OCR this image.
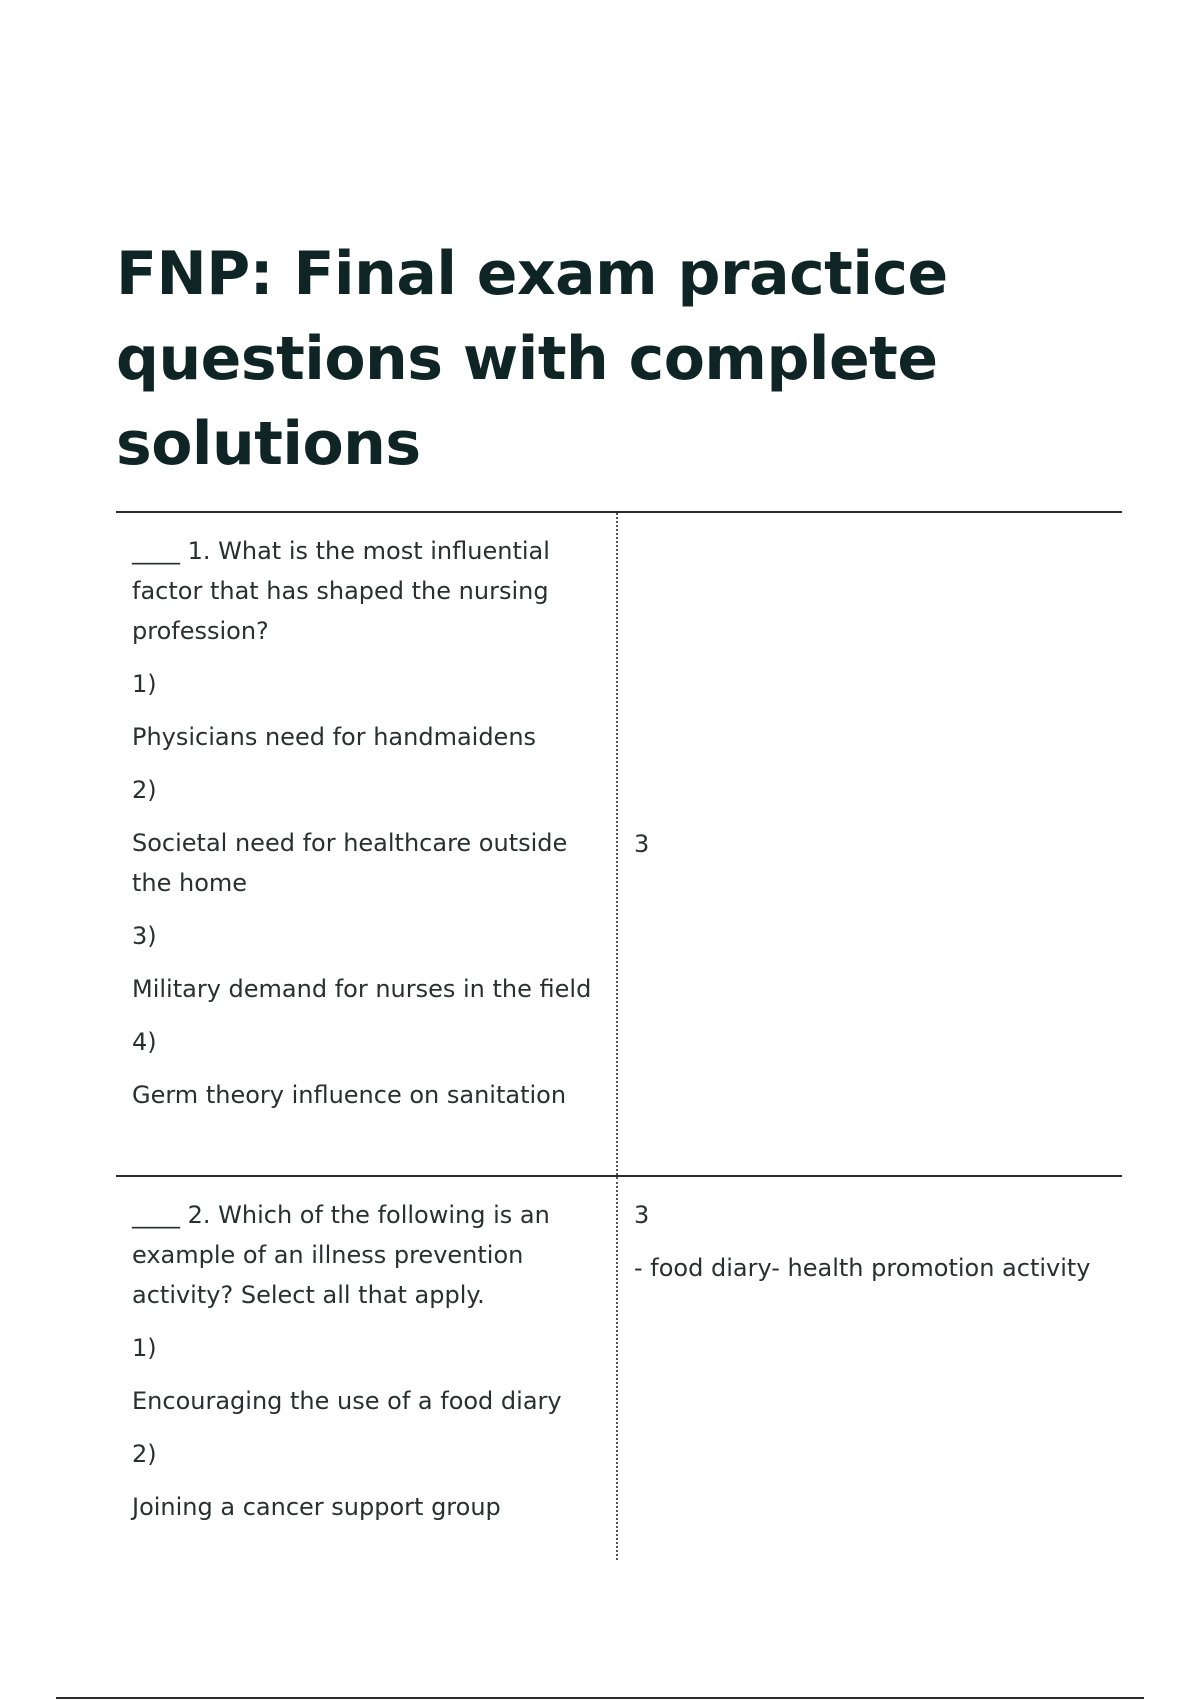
FNP: Final exam practice questions with complete solutions

____ 1. What is the most influential factor that has shaped the nursing profession?

1)

Physicians need for handmaidens

2)

Societal need for healthcare outside the home

3)

Military demand for nurses in the field

4)

Germ theory influence on sanitation

3

____ 2. Which of the following is an example of an illness prevention activity? Select all that apply.

1)

Encouraging the use of a food diary

2)

Joining a cancer support group

3

- food diary- health promotion activity
